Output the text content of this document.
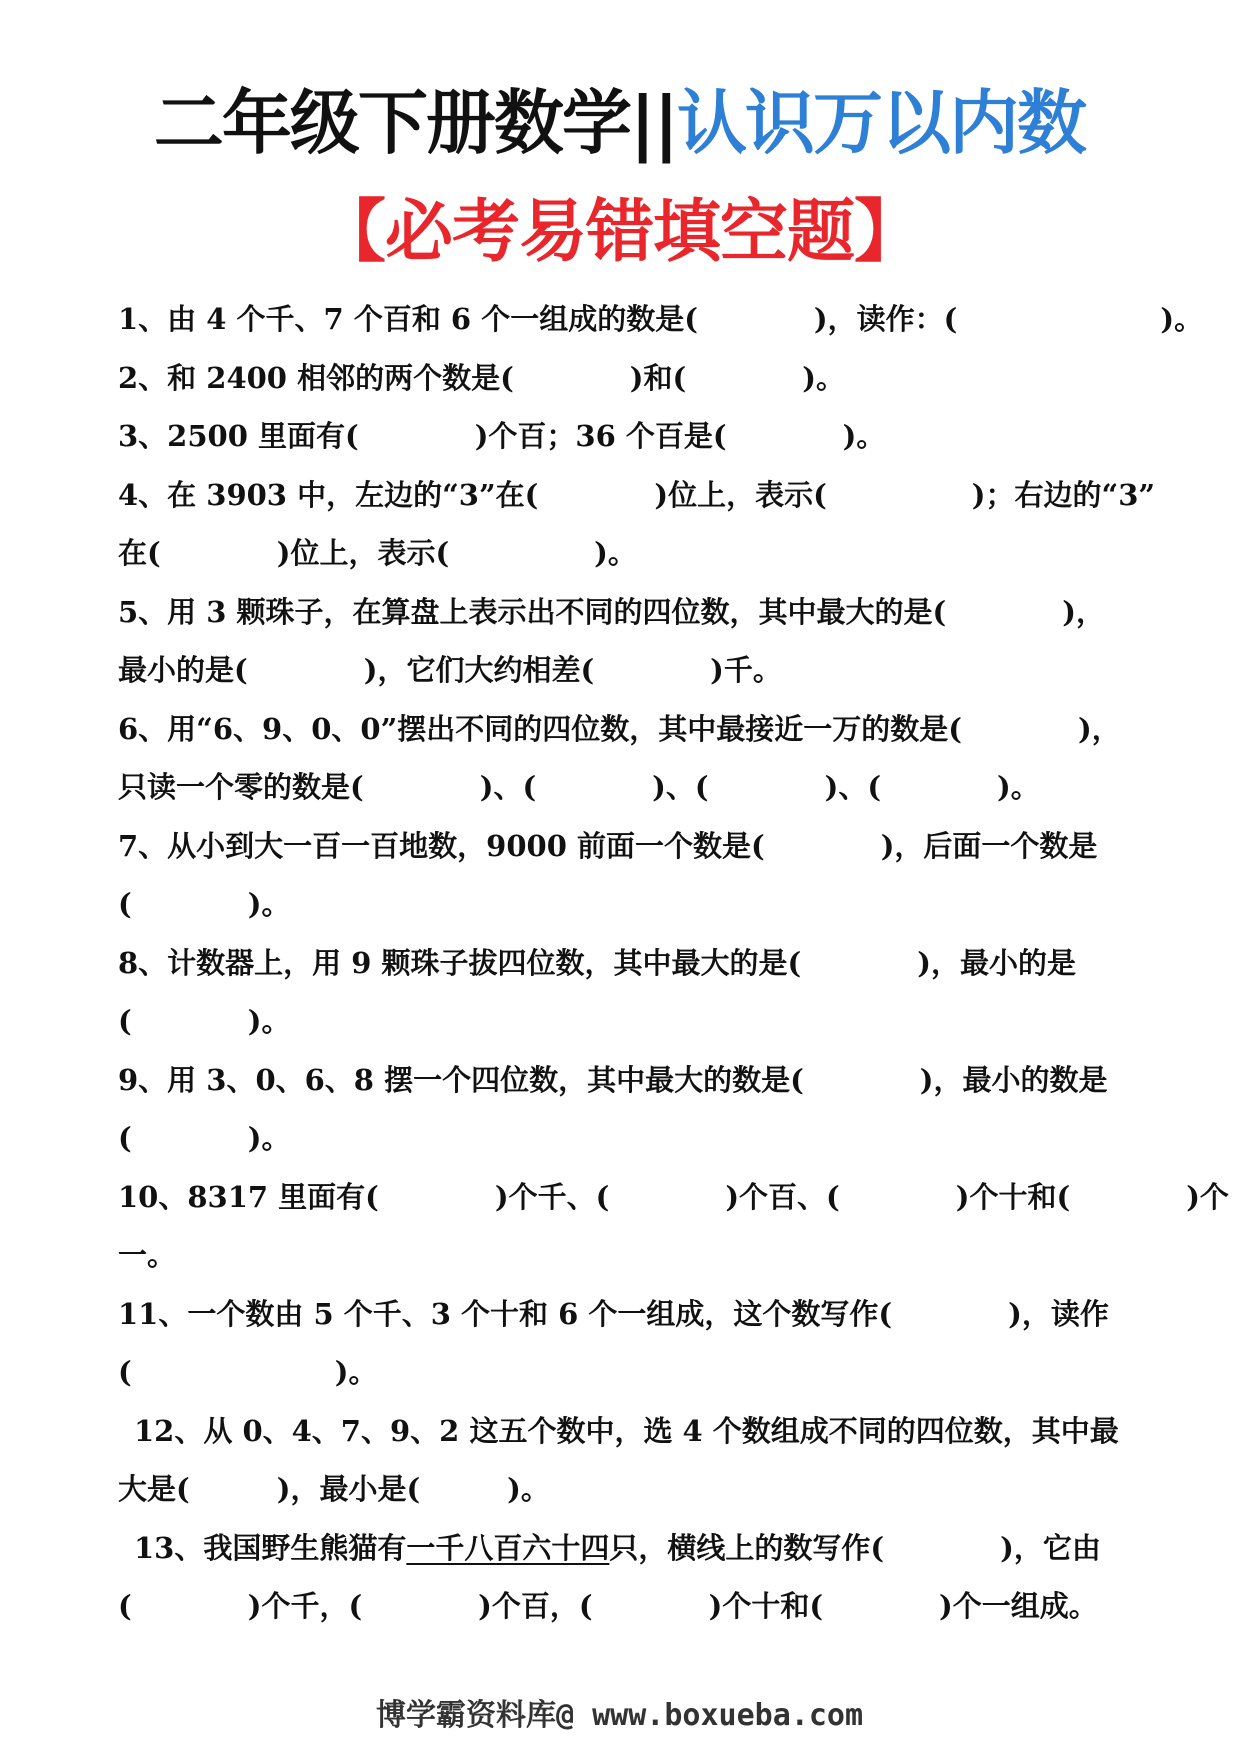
二年级下册数学||认识万以内数
【必考易错填空题】
1、由 4 个千、7 个百和 6 个一组成的数是(　　　　)，读作：(　　　　　　　)。
2、和 2400 相邻的两个数是(　　　　)和(　　　　)。
3、2500 里面有(　　　　)个百；36 个百是(　　　　)。
4、在 3903 中，左边的“3”在(　　　　)位上，表示(　　　　　)；右边的“3”
在(　　　　)位上，表示(　　　　　)。
5、用 3 颗珠子，在算盘上表示出不同的四位数，其中最大的是(　　　　)，
最小的是(　　　　)，它们大约相差(　　　　)千。
6、用“6、9、0、0”摆出不同的四位数，其中最接近一万的数是(　　　　)，
只读一个零的数是(　　　　)、(　　　　)、(　　　　)、(　　　　)。
7、从小到大一百一百地数，9000 前面一个数是(　　　　)，后面一个数是
(　　　　)。
8、计数器上，用 9 颗珠子拔四位数，其中最大的是(　　　　)，最小的是
(　　　　)。
9、用 3、0、6、8 摆一个四位数，其中最大的数是(　　　　)，最小的数是
(　　　　)。
10、8317 里面有(　　　　)个千、(　　　　)个百、(　　　　)个十和(　　　　)个
一。
11、一个数由 5 个千、3 个十和 6 个一组成，这个数写作(　　　　)，读作
(　　　　　　　)。
12、从 0、4、7、9、2 这五个数中，选 4 个数组成不同的四位数，其中最
大是(　　　)，最小是(　　　)。
13、我国野生熊猫有一千八百六十四只，横线上的数写作(　　　　)，它由
(　　　　)个千，(　　　　)个百，(　　　　)个十和(　　　　)个一组成。
博学霸资料库@ www.boxueba.com
